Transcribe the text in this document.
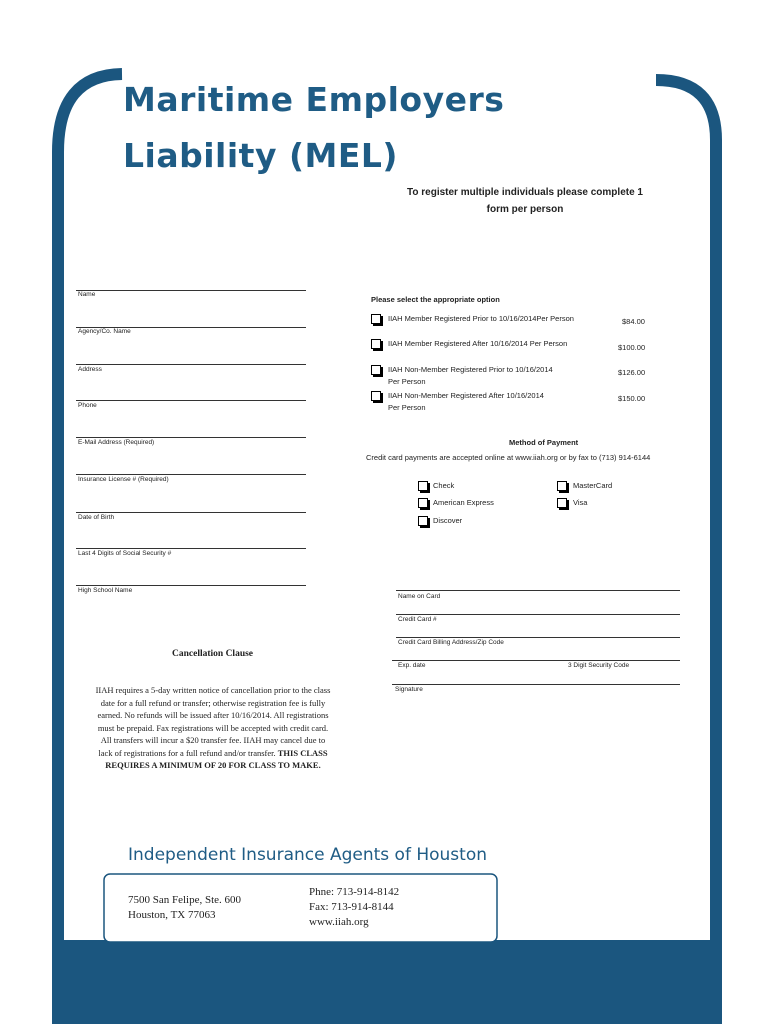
Maritime Employers
Liability (MEL)
To register multiple individuals please complete 1
form per person
Name
Agency/Co. Name
Address
Phone
E-Mail Address (Required)
Insurance License # (Required)
Date of Birth
Last 4 Digits of Social Security #
High School Name
Please select the appropriate option
IIAH Member Registered Prior to 10/16/2014Per Person	$84.00
IIAH Member Registered After 10/16/2014 Per Person	$100.00
IIAH Non-Member Registered Prior to 10/16/2014
Per Person
$126.00
IIAH Non-Member Registered After 10/16/2014
Per Person
$150.00
Method of Payment
Credit card payments are accepted online at www.iiah.org or by fax to (713) 914-6144
Check	MasterCard
American Express	Visa
Discover
Name on Card
Credit Card #
Credit Card Billing Address/Zip Code
Exp. date	3 Digit Security Code
Signature
Cancellation Clause
IIAH requires a 5-day written notice of cancellation prior to the class
date for a full refund or transfer; otherwise registration fee is fully
earned. No refunds will be issued after 10/16/2014. All registrations
must be prepaid. Fax registrations will be accepted with credit card.
All transfers will incur a $20 transfer fee. IIAH may cancel due to
lack of registrations for a full refund and/or transfer. THIS CLASS
REQUIRES A MINIMUM OF 20 FOR CLASS TO MAKE.
Independent Insurance Agents of Houston
7500 San Felipe, Ste. 600
Houston, TX 77063
Phne: 713-914-8142
Fax: 713-914-8144
www.iiah.org
